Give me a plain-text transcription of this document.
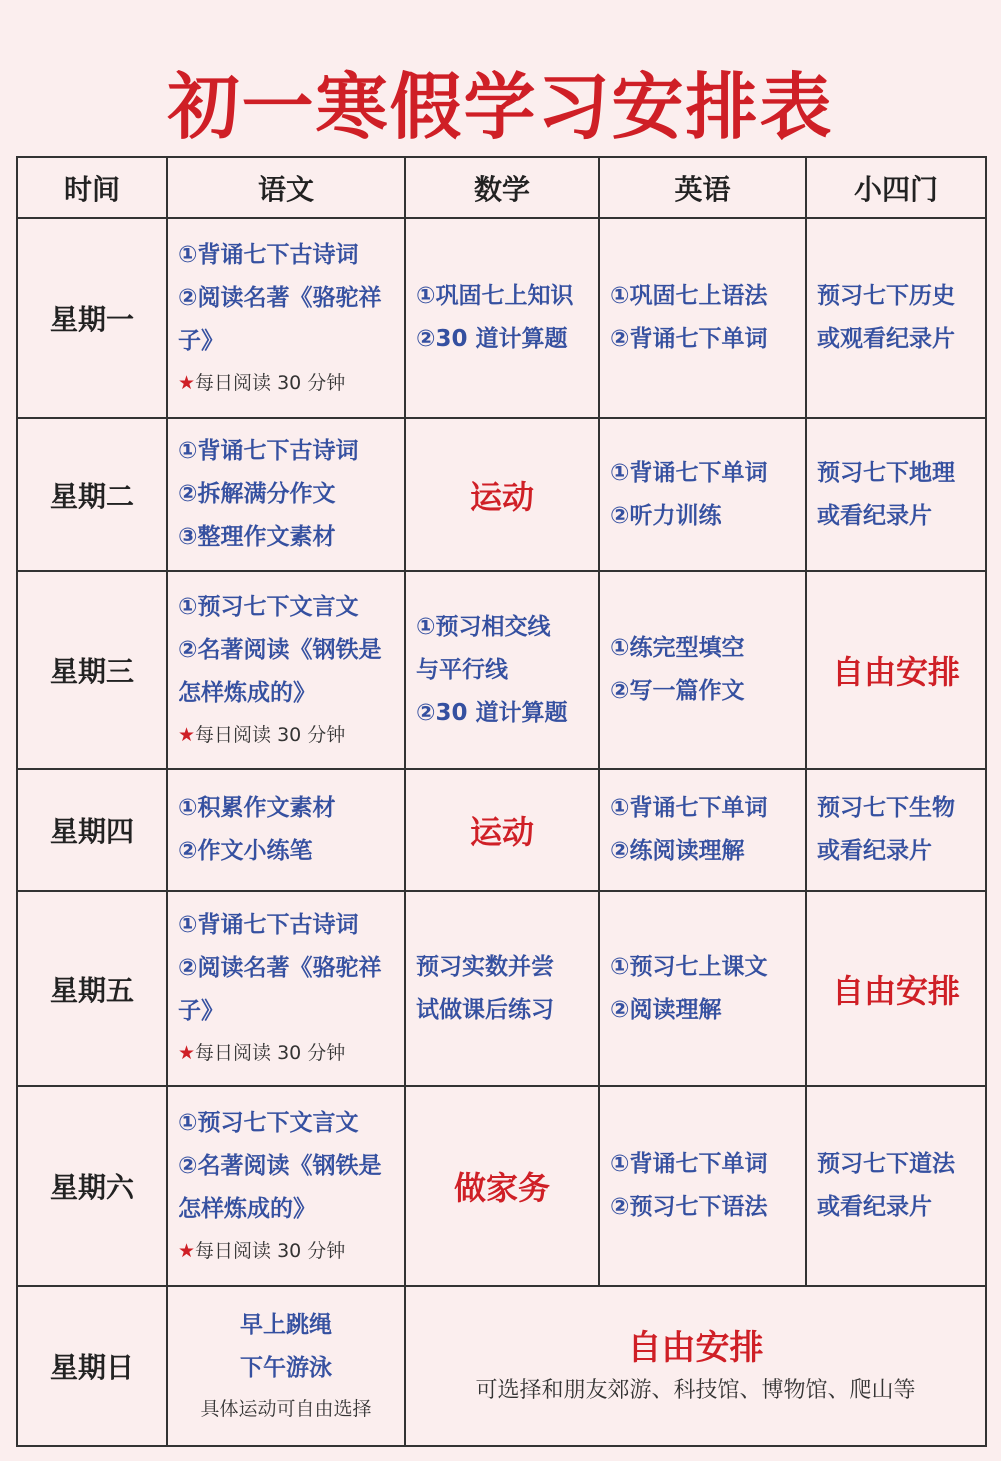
初一寒假学习安排表
时间	语文	数学	英语	小四门
星期一	①背诵七下古诗词
②阅读名著《骆驼祥
子》
★每日阅读 30 分钟	①巩固七上知识
②30 道计算题	①巩固七上语法
②背诵七下单词	预习七下历史
或观看纪录片

星期二	①背诵七下古诗词
②拆解满分作文
③整理作文素材	运动	①背诵七下单词
②听力训练	预习七下地理
或看纪录片

星期三	①预习七下文言文
②名著阅读《钢铁是
怎样炼成的》
★每日阅读 30 分钟	①预习相交线
与平行线
②30 道计算题	①练完型填空
②写一篇作文	自由安排
星期四	①积累作文素材
②作文小练笔	运动	①背诵七下单词
②练阅读理解	预习七下生物
或看纪录片

星期五	①背诵七下古诗词
②阅读名著《骆驼祥
子》
★每日阅读 30 分钟	预习实数并尝
试做课后练习	①预习七上课文
②阅读理解	自由安排
星期六	①预习七下文言文
②名著阅读《钢铁是
怎样炼成的》
★每日阅读 30 分钟	做家务	①背诵七下单词
②预习七下语法	预习七下道法
或看纪录片

星期日	早上跳绳
下午游泳
具体运动可自由选择	自由安排
可选择和朋友郊游、科技馆、博物馆、爬山等		
